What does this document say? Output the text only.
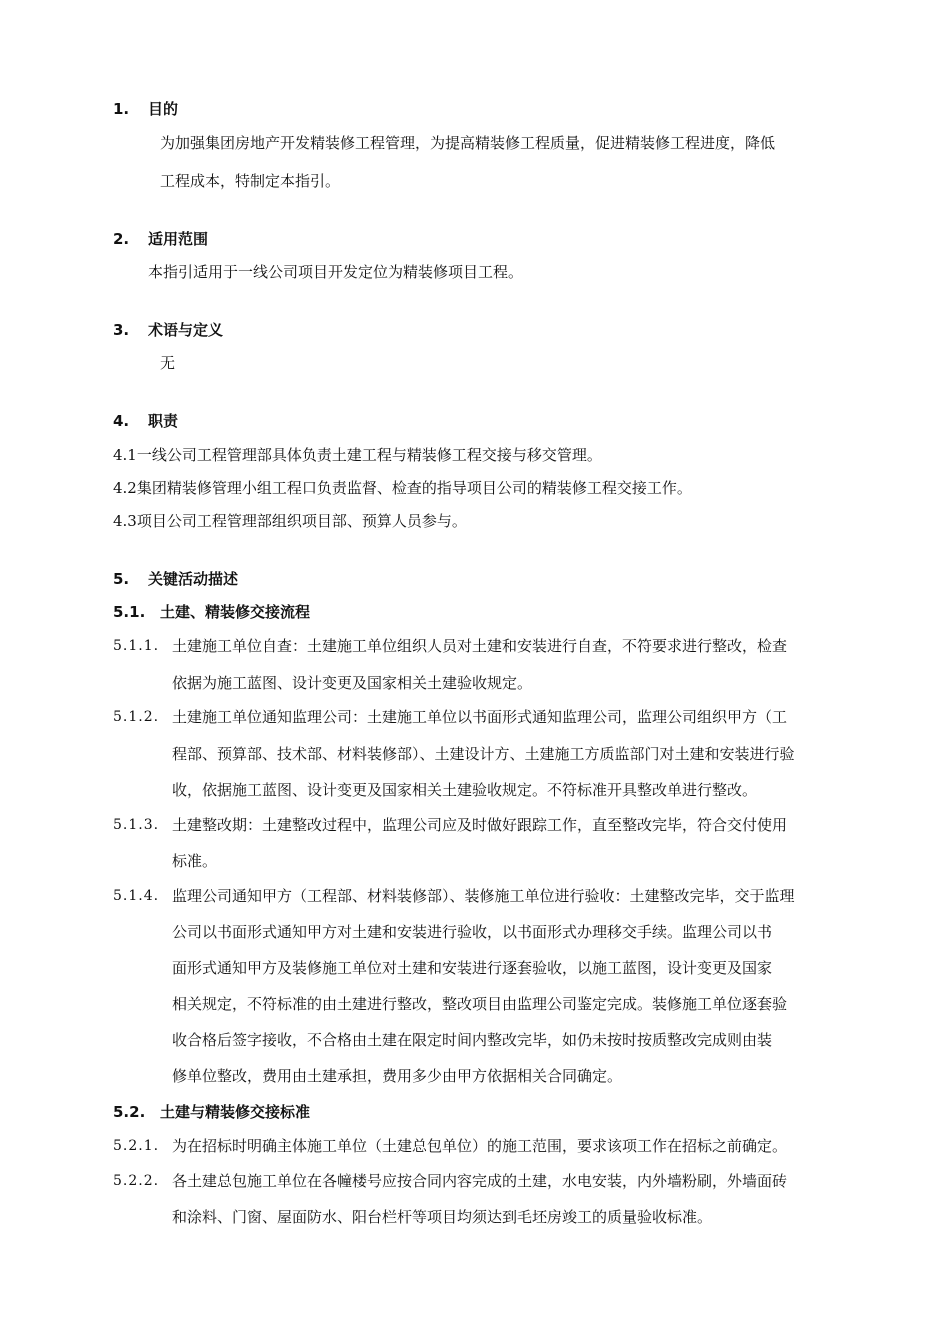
1. 目的
为加强集团房地产开发精装修工程管理，为提高精装修工程质量，促进精装修工程进度，降低
工程成本，特制定本指引。
2. 适用范围
本指引适用于一线公司项目开发定位为精装修项目工程。
3. 术语与定义
无
4. 职责
4.1一线公司工程管理部具体负责土建工程与精装修工程交接与移交管理。
4.2集团精装修管理小组工程口负责监督、检查的指导项目公司的精装修工程交接工作。
4.3项目公司工程管理部组织项目部、预算人员参与。
5. 关键活动描述
5.1. 土建、精装修交接流程
5.1.1. 土建施工单位自查：土建施工单位组织人员对土建和安装进行自查，不符要求进行整改，检查
依据为施工蓝图、设计变更及国家相关土建验收规定。
5.1.2. 土建施工单位通知监理公司：土建施工单位以书面形式通知监理公司，监理公司组织甲方（工
程部、预算部、技术部、材料装修部）、土建设计方、土建施工方质监部门对土建和安装进行验
收，依据施工蓝图、设计变更及国家相关土建验收规定。不符标准开具整改单进行整改。
5.1.3. 土建整改期：土建整改过程中，监理公司应及时做好跟踪工作，直至整改完毕，符合交付使用
标准。
5.1.4. 监理公司通知甲方（工程部、材料装修部）、装修施工单位进行验收：土建整改完毕，交于监理
公司以书面形式通知甲方对土建和安装进行验收，以书面形式办理移交手续。监理公司以书
面形式通知甲方及装修施工单位对土建和安装进行逐套验收，以施工蓝图，设计变更及国家
相关规定，不符标准的由土建进行整改，整改项目由监理公司鉴定完成。装修施工单位逐套验
收合格后签字接收，不合格由土建在限定时间内整改完毕，如仍未按时按质整改完成则由装
修单位整改，费用由土建承担，费用多少由甲方依据相关合同确定。
5.2. 土建与精装修交接标准
5.2.1. 为在招标时明确主体施工单位（土建总包单位）的施工范围，要求该项工作在招标之前确定。
5.2.2. 各土建总包施工单位在各幢楼号应按合同内容完成的土建，水电安装，内外墙粉刷，外墙面砖
和涂料、门窗、屋面防水、阳台栏杆等项目均须达到毛坯房竣工的质量验收标准。
